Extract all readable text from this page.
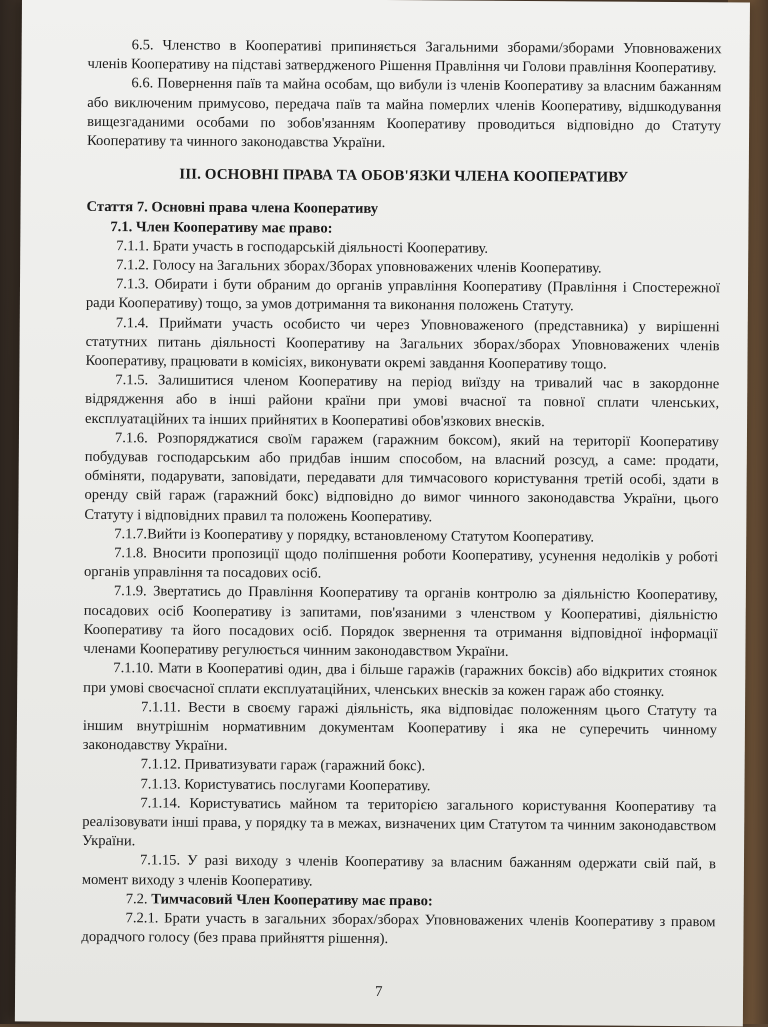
6.5. Членство в Кооперативі припиняється Загальними зборами/зборами Уповноважених членів Кооперативу на підставі затвердженого Рішення Правління чи Голови правління Кооперативу.

6.6. Повернення паїв та майна особам, що вибули із членів Кооперативу за власним бажанням або виключеним примусово, передача паїв та майна померлих членів Кооперативу, відшкодування вищезгаданими особами по зобов'язанням Кооперативу проводиться відповідно до Статуту Кооперативу та чинного законодавства України.

ІІІ. ОСНОВНІ ПРАВА ТА ОБОВ'ЯЗКИ ЧЛЕНА КООПЕРАТИВУ

Стаття 7. Основні права члена Кооперативу

7.1. Член Кооперативу має право:

7.1.1. Брати участь в господарській діяльності Кооперативу.

7.1.2. Голосу на Загальних зборах/Зборах уповноважених членів Кооперативу.

7.1.3. Обирати і бути обраним до органів управління Кооперативу (Правління і Спостережної ради Кооперативу) тощо, за умов дотримання та виконання положень Статуту.

7.1.4. Приймати участь особисто чи через Уповноваженого (представника) у вирішенні статутних питань діяльності Кооперативу на Загальних зборах/зборах Уповноважених членів Кооперативу, працювати в комісіях, виконувати окремі завдання Кооперативу тощо.

7.1.5. Залишитися членом Кооперативу на період виїзду на тривалий час в закордонне відрядження або в інші райони країни при умові вчасної та повної сплати членських, експлуатаційних та інших прийнятих в Кооперативі обов'язкових внесків.

7.1.6. Розпоряджатися своїм гаражем (гаражним боксом), який на території Кооперативу побудував господарським або придбав іншим способом, на власний розсуд, а саме: продати, обміняти, подарувати, заповідати, передавати для тимчасового користування третій особі, здати в оренду свій гараж (гаражний бокс) відповідно до вимог чинного законодавства України, цього Статуту і відповідних правил та положень Кооперативу.

7.1.7.Вийти із Кооперативу у порядку, встановленому Статутом Кооперативу.

7.1.8. Вносити пропозиції щодо поліпшення роботи Кооперативу, усунення недоліків у роботі органів управління та посадових осіб.

7.1.9. Звертатись до Правління Кооперативу та органів контролю за діяльністю Кооперативу, посадових осіб Кооперативу із запитами, пов'язаними з членством у Кооперативі, діяльністю Кооперативу та його посадових осіб. Порядок звернення та отримання відповідної інформації членами Кооперативу регулюється чинним законодавством України.

7.1.10. Мати в Кооперативі один, два і більше гаражів (гаражних боксів) або відкритих стоянок при умові своєчасної сплати експлуатаційних, членських внесків за кожен гараж або стоянку.

7.1.11. Вести в своєму гаражі діяльність, яка відповідає положенням цього Статуту та іншим внутрішнім нормативним документам Кооперативу і яка не суперечить чинному законодавству України.

7.1.12. Приватизувати гараж (гаражний бокс).

7.1.13. Користуватись послугами Кооперативу.

7.1.14. Користуватись майном та територією загального користування Кооперативу та реалізовувати інші права, у порядку та в межах, визначених цим Статутом та чинним законодавством України.

7.1.15. У разі виходу з членів Кооперативу за власним бажанням одержати свій пай, в момент виходу з членів Кооперативу.

7.2. Тимчасовий Член Кооперативу має право:

7.2.1. Брати участь в загальних зборах/зборах Уповноважених членів Кооперативу з правом дорадчого голосу (без права прийняття рішення).

7
